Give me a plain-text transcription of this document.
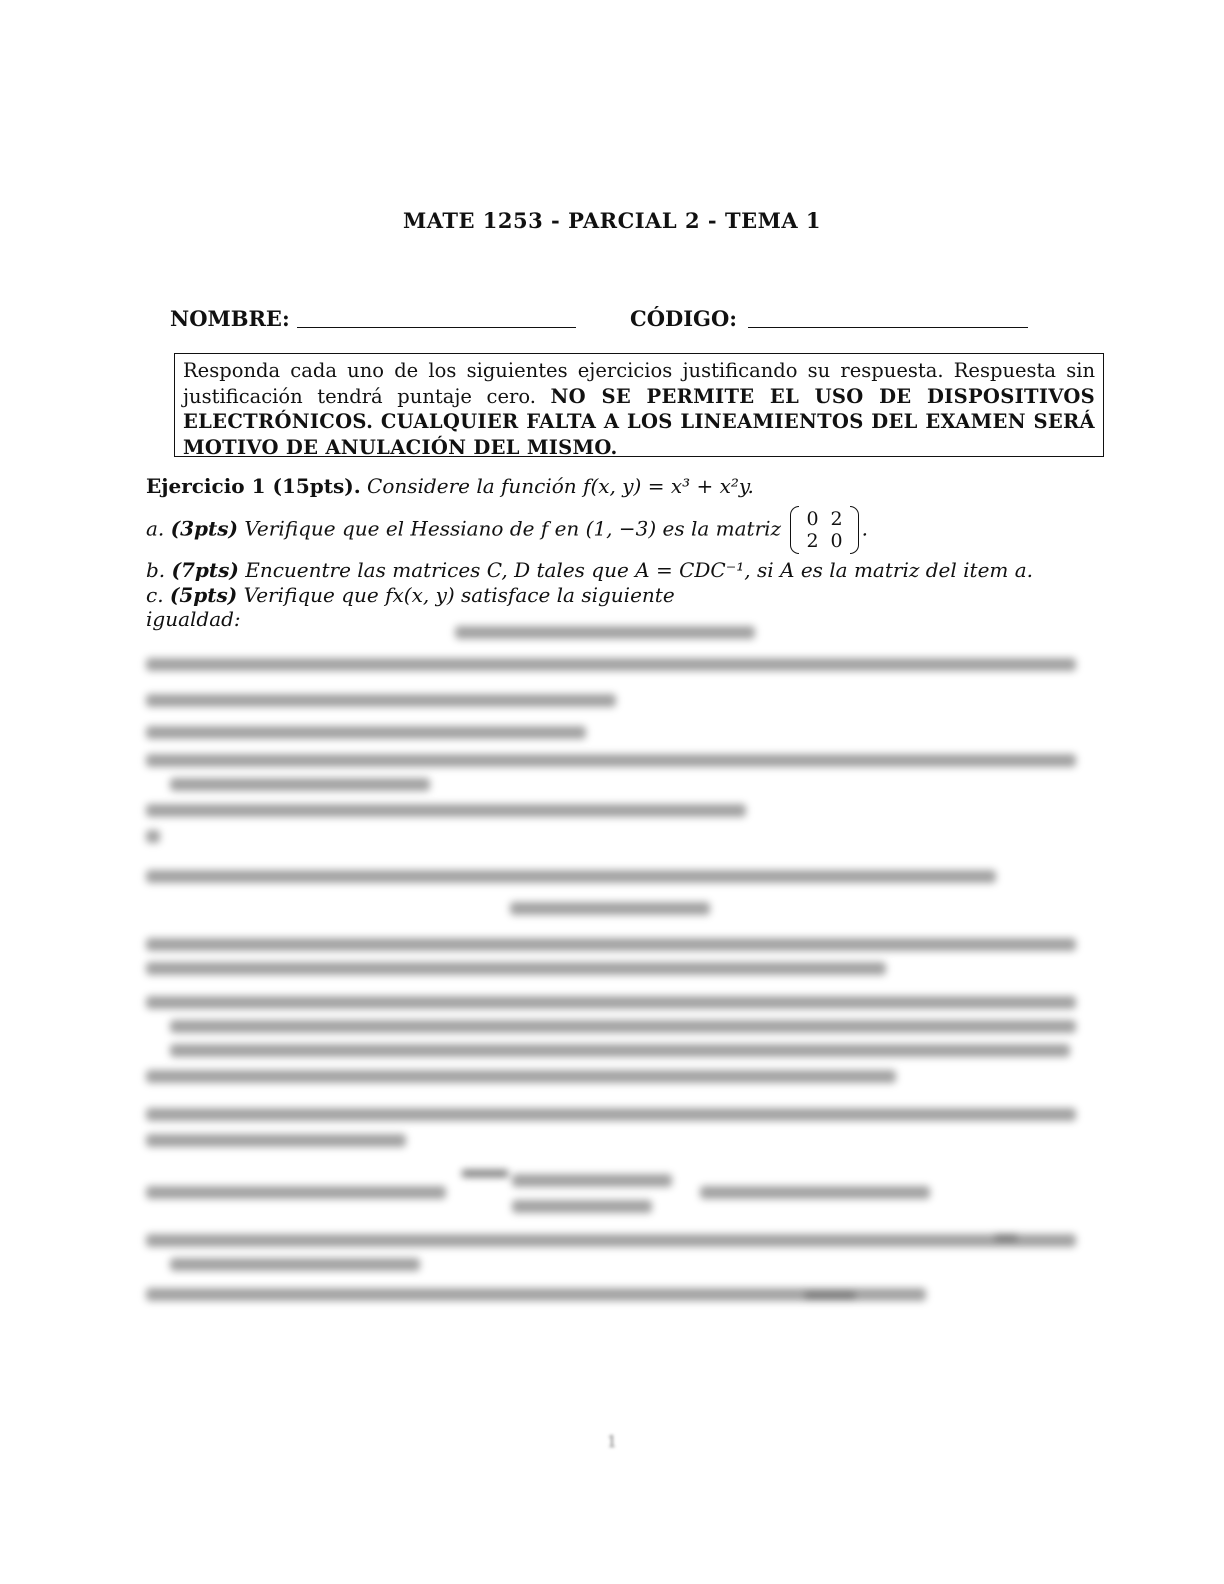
MATE 1253 - PARCIAL 2 - TEMA 1
NOMBRE:	CÓDIGO:
Responda cada uno de los siguientes ejercicios justificando su respuesta. Respuesta sin justificación tendrá puntaje cero. NO SE PERMITE EL USO DE DISPOSITIVOS ELECTRÓNICOS. CUALQUIER FALTA A LOS LINEAMIENTOS DEL EXAMEN SERÁ MOTIVO DE ANULACIÓN DEL MISMO.
Ejercicio 1 (15pts). Considere la función f(x, y) = x³ + x²y.
a. (3pts) Verifique que el Hessiano de f en (1, −3) es la matriz 0	2
2	0
.
b. (7pts) Encuentre las matrices C, D tales que A = CDC⁻¹, si A es la matriz del item a.
c. (5pts) Verifique que fx(x, y) satisface la siguiente igualdad:
1
